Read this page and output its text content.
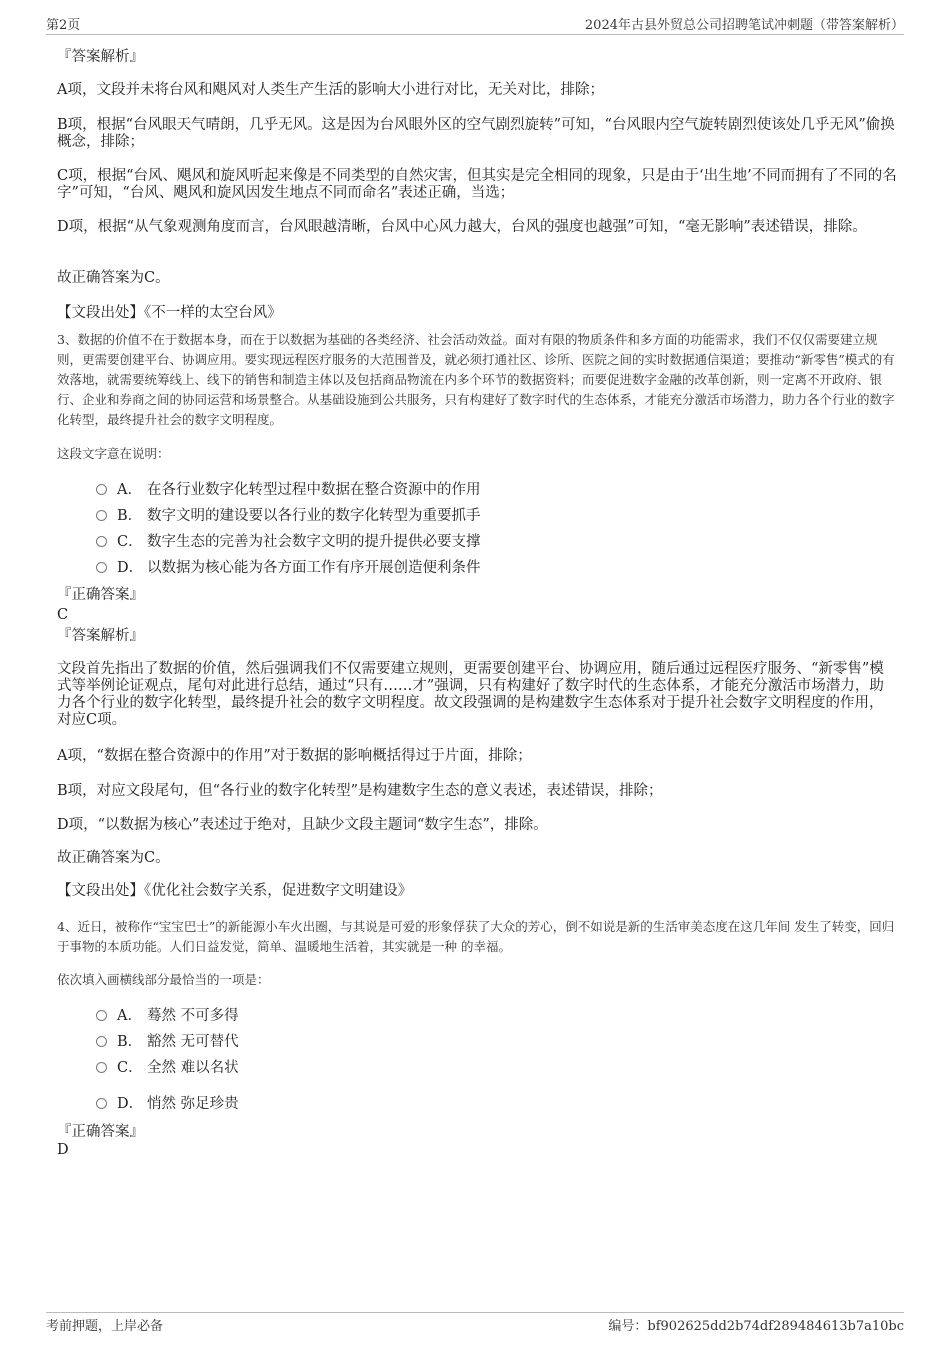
第2页	2024年古县外贸总公司招聘笔试冲刺题（带答案解析）
『答案解析』
A项，文段并未将台风和飓风对人类生产生活的影响大小进行对比，无关对比，排除；
B项，根据“台风眼天气晴朗，几乎无风。这是因为台风眼外区的空气剧烈旋转”可知，“台风眼内空气旋转剧烈使该处几乎无风”偷换概念，排除；
C项，根据“台风、飓风和旋风听起来像是不同类型的自然灾害，但其实是完全相同的现象，只是由于‘出生地’不同而拥有了不同的名字”可知，“台风、飓风和旋风因发生地点不同而命名”表述正确，当选；
D项，根据“从气象观测角度而言，台风眼越清晰，台风中心风力越大，台风的强度也越强”可知，“毫无影响”表述错误，排除。
故正确答案为C。
【文段出处】《不一样的太空台风》
3、数据的价值不在于数据本身，而在于以数据为基础的各类经济、社会活动效益。面对有限的物质条件和多方面的功能需求，我们不仅仅需要建立规则，更需要创建平台、协调应用。要实现远程医疗服务的大范围普及，就必须打通社区、诊所、医院之间的实时数据通信渠道；要推动“新零售”模式的有效落地，就需要统筹线上、线下的销售和制造主体以及包括商品物流在内多个环节的数据资料；而要促进数字金融的改革创新，则一定离不开政府、银行、企业和券商之间的协同运营和场景整合。从基础设施到公共服务，只有构建好了数字时代的生态体系，才能充分激活市场潜力，助力各个行业的数字化转型，最终提升社会的数字文明程度。
这段文字意在说明：
A． 在各行业数字化转型过程中数据在整合资源中的作用
B． 数字文明的建设要以各行业的数字化转型为重要抓手
C． 数字生态的完善为社会数字文明的提升提供必要支撑
D． 以数据为核心能为各方面工作有序开展创造便利条件
『正确答案』
C
『答案解析』
文段首先指出了数据的价值，然后强调我们不仅需要建立规则，更需要创建平台、协调应用，随后通过远程医疗服务、“新零售”模式等举例论证观点，尾句对此进行总结，通过“只有……才”强调，只有构建好了数字时代的生态体系，才能充分激活市场潜力，助力各个行业的数字化转型，最终提升社会的数字文明程度。故文段强调的是构建数字生态体系对于提升社会数字文明程度的作用，对应C项。
A项，“数据在整合资源中的作用”对于数据的影响概括得过于片面，排除；
B项，对应文段尾句，但“各行业的数字化转型”是构建数字生态的意义表述，表述错误，排除；
D项，“以数据为核心”表述过于绝对，且缺少文段主题词“数字生态”，排除。
故正确答案为C。
【文段出处】《优化社会数字关系，促进数字文明建设》
4、近日，被称作“宝宝巴士”的新能源小车火出圈，与其说是可爱的形象俘获了大众的芳心，倒不如说是新的生活审美态度在这几年间 发生了转变，回归于事物的本质功能。人们日益发觉，简单、温暖地生活着，其实就是一种 的幸福。
依次填入画横线部分最恰当的一项是：
A． 蓦然 不可多得
B． 豁然 无可替代
C． 全然 难以名状
D． 悄然 弥足珍贵
『正确答案』
D
考前押题，上岸必备	编号：bf902625dd2b74df289484613b7a10bc
